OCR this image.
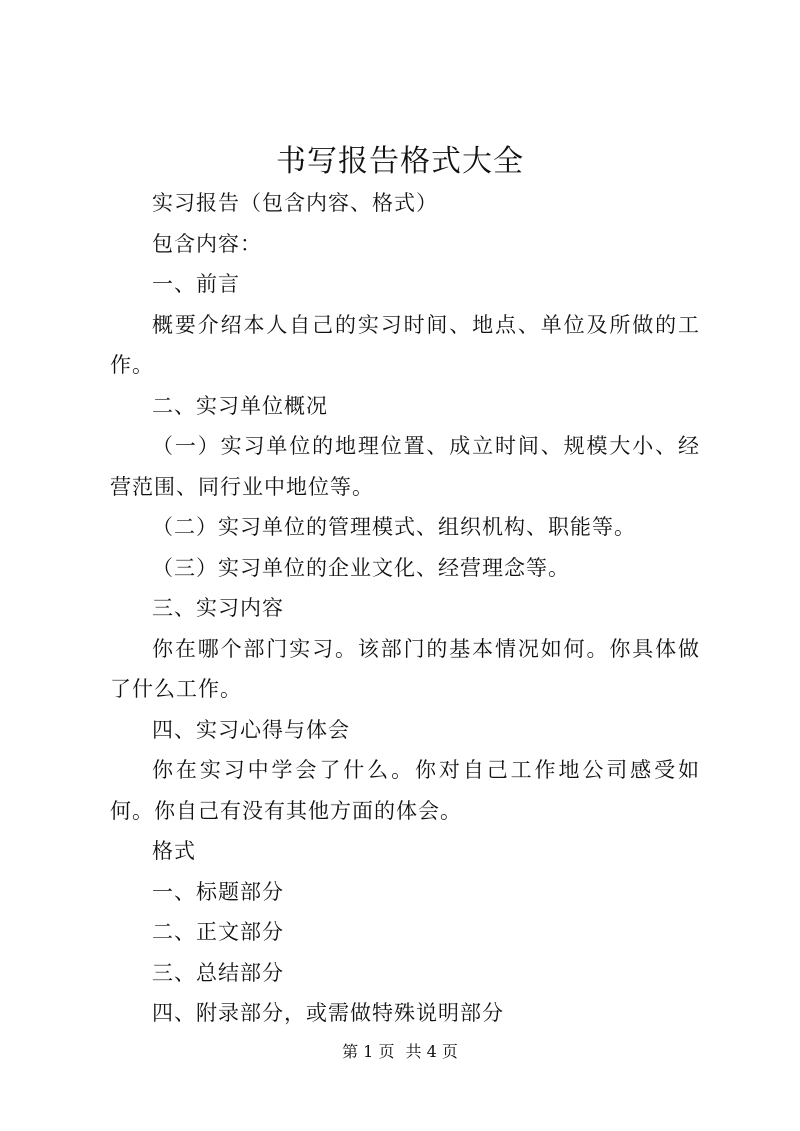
书写报告格式大全

实习报告（包含内容、格式）

包含内容：

一、前言

概要介绍本人自己的实习时间、地点、单位及所做的工作。

二、实习单位概况

（一）实习单位的地理位置、成立时间、规模大小、经营范围、同行业中地位等。

（二）实习单位的管理模式、组织机构、职能等。

（三）实习单位的企业文化、经营理念等。

三、实习内容

你在哪个部门实习。该部门的基本情况如何。你具体做了什么工作。

四、实习心得与体会

你在实习中学会了什么。你对自己工作地公司感受如何。你自己有没有其他方面的体会。

格式

一、标题部分

二、正文部分

三、总结部分

四、附录部分，或需做特殊说明部分

第 1 页 共 4 页
